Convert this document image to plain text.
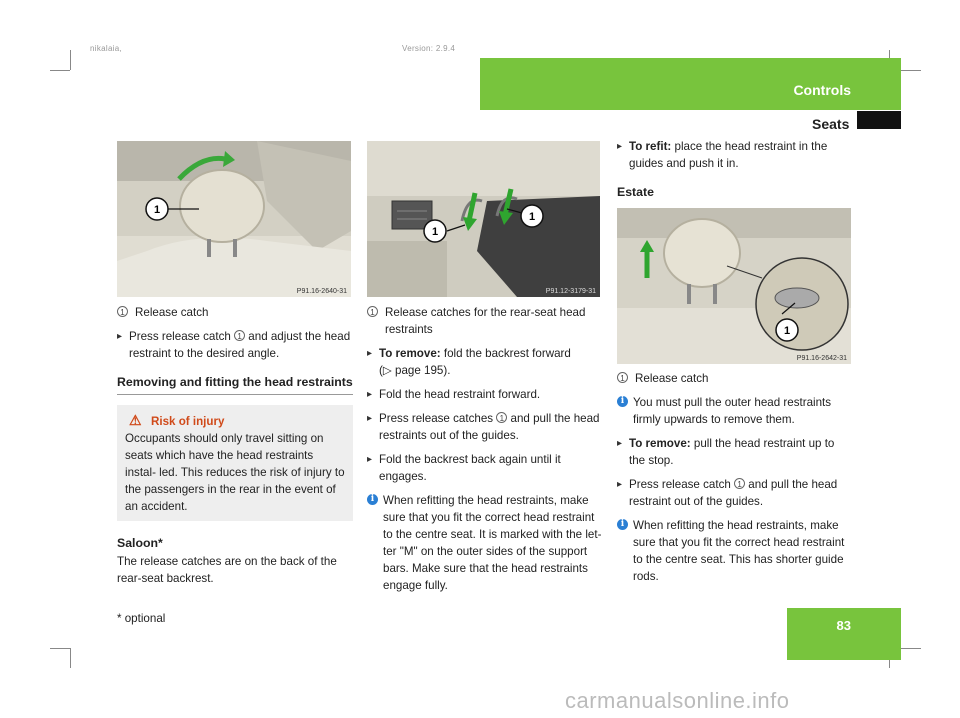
nikalaia,	Version: 2.9.4
Controls
Seats
1
P91.16-2640-31
1
1
P91.12-3179-31
1
P91.16-2642-31

1 Release catch

▸ Press release catch 1 and adjust the head restraint to the desired angle.

Removing and fitting the head restraints

⚠ Risk of injury
Occupants should only travel sitting on seats which have the head restraints instal- led. This reduces the risk of injury to the passengers in the rear in the event of an accident.

Saloon*

The release catches are on the back of the rear-seat backrest.

1 Release catches for the rear-seat head restraints

▸ To remove: fold the backrest forward
(▷ page 195).

▸ Fold the head restraint forward.

▸ Press release catches 1 and pull the head restraints out of the guides.

▸ Fold the backrest back again until it engages.

i When refitting the head restraints, make sure that you fit the correct head restraint to the centre seat. It is marked with the let- ter "M" on the outer sides of the support bars. Make sure that the head restraints engage fully.

▸ To refit: place the head restraint in the guides and push it in.

Estate

1 Release catch

i You must pull the outer head restraints firmly upwards to remove them.

▸ To remove: pull the head restraint up to the stop.

▸ Press release catch 1 and pull the head restraint out of the guides.

i When refitting the head restraints, make sure that you fit the correct head restraint to the centre seat. This has shorter guide rods.

* optional	83
carmanualsonline.info
